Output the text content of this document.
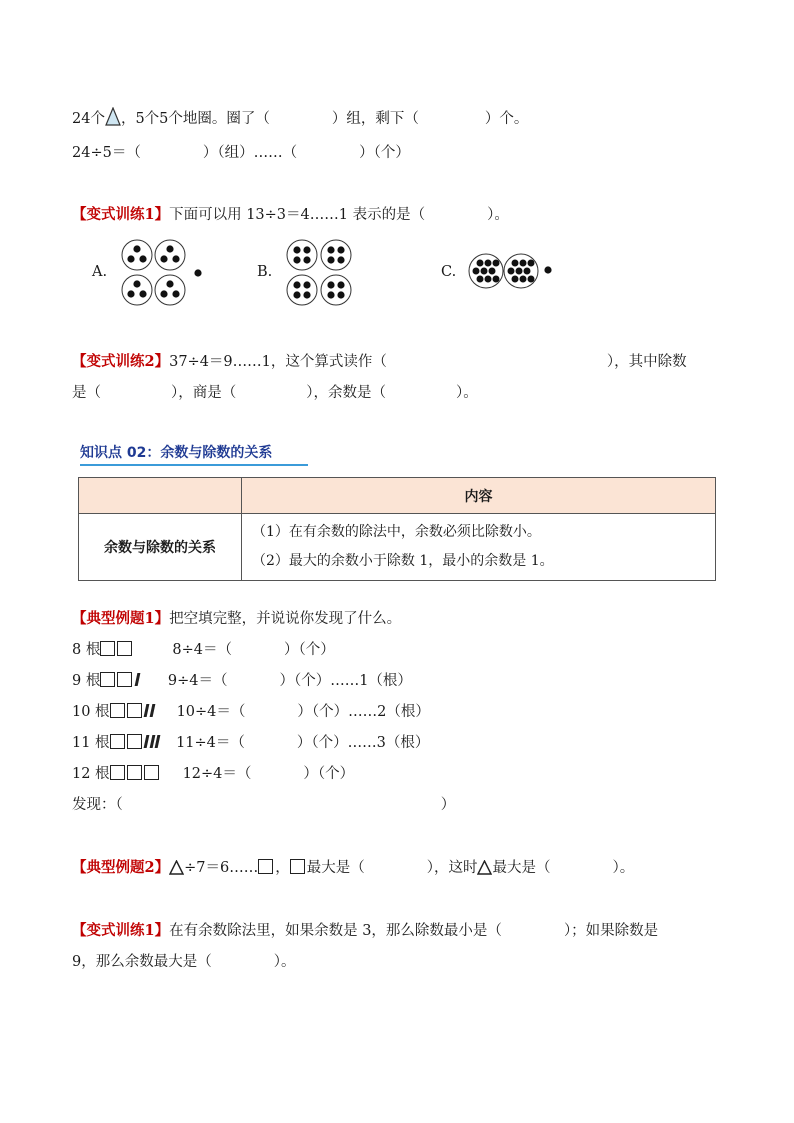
24个 ，5个5个地圈。圈了（	）组，剩下（	）个。
24÷5＝（	）（组）……（	）（个）
【变式训练1】下面可以用 13÷3＝4……1 表示的是（	）。
A.	B.	C.
【变式训练2】37÷4＝9……1，这个算式读作（	），其中除数
是（	），商是（	），余数是（	）。
知识点 02：余数与除数的关系
	内容
余数与除数的关系	（1）在有余数的除法中，余数必须比除数小。
（2）最大的余数小于除数 1，最小的余数是 1。
【典型例题1】把空填完整，并说说你发现了什么。
8 根	8÷4＝（	）（个）
9 根	9÷4＝（	）（个）……1（根）
10 根	10÷4＝（	）（个）……2（根）
11 根	11÷4＝（	）（个）……3（根）
12 根	12÷4＝（	）（个）
发现：（	）
【典型例题2】 ÷7＝6…… ， 最大是（	），这时 最大是（	）。
【变式训练1】在有余数除法里，如果余数是 3，那么除数最小是（	）；如果除数是
9，那么余数最大是（	）。
